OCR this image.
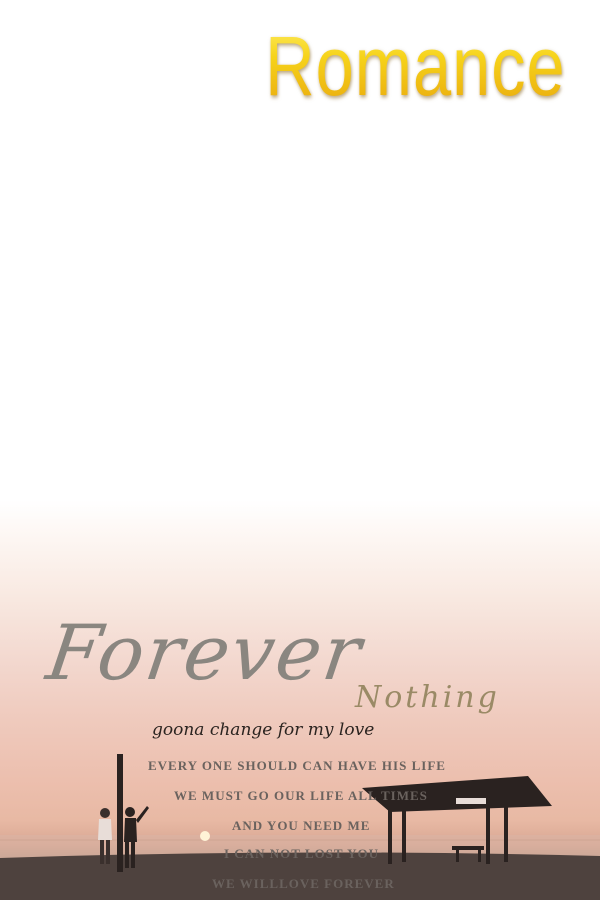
Romance
Forever
Nothing
goona change for my love
EVERY ONE SHOULD CAN HAVE HIS LIFE
WE MUST GO OUR LIFE ALL TIMES
AND YOU NEED ME
I CAN NOT LOST YOU
WE WILLLOVE FOREVER
